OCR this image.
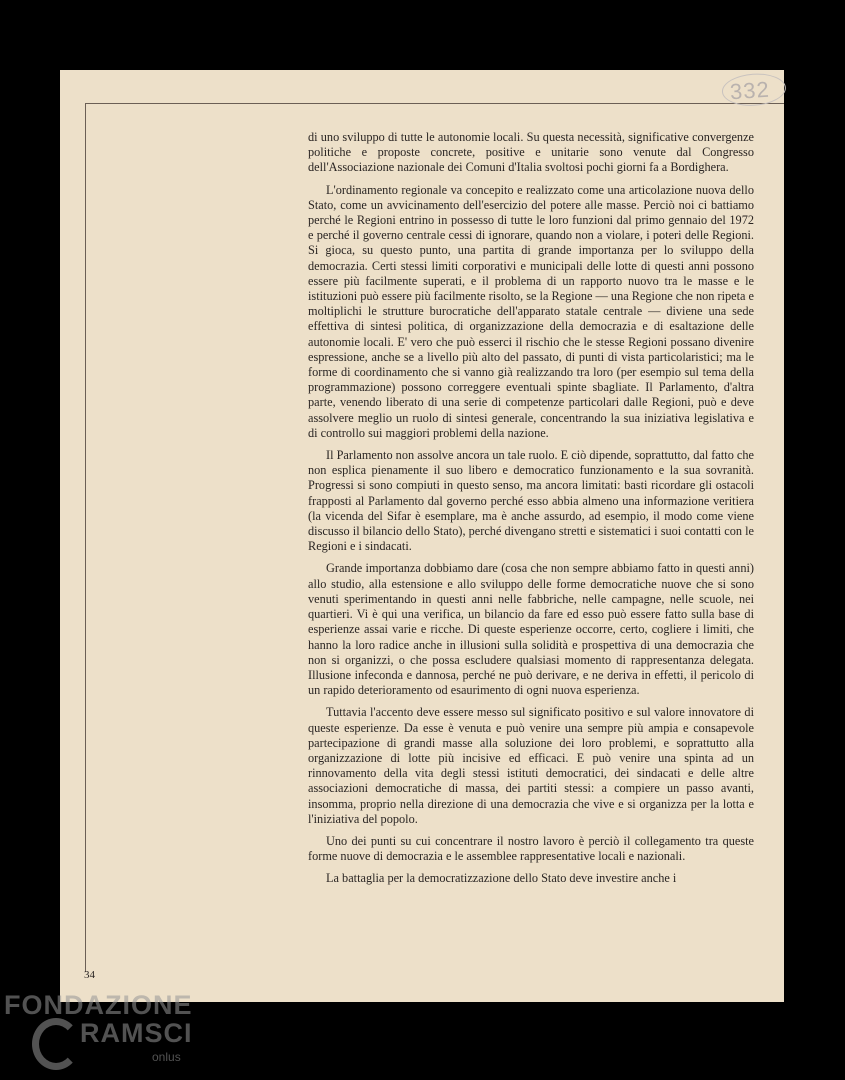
332

di uno sviluppo di tutte le autonomie locali. Su questa necessità, significative convergenze politiche e proposte concrete, positive e unitarie sono venute dal Congresso dell'Associazione nazionale dei Comuni d'Italia svoltosi pochi giorni fa a Bordighera.

L'ordinamento regionale va concepito e realizzato come una articolazione nuova dello Stato, come un avvicinamento dell'esercizio del potere alle masse. Perciò noi ci battiamo perché le Regioni entrino in possesso di tutte le loro funzioni dal primo gennaio del 1972 e perché il governo centrale cessi di ignorare, quando non a violare, i poteri delle Regioni. Si gioca, su questo punto, una partita di grande importanza per lo sviluppo della democrazia. Certi stessi limiti corporativi e municipali delle lotte di questi anni possono essere più facilmente superati, e il problema di un rapporto nuovo tra le masse e le istituzioni può essere più facilmente risolto, se la Regione — una Regione che non ripeta e moltiplichi le strutture burocratiche dell'apparato statale centrale — diviene una sede effettiva di sintesi politica, di organizzazione della democrazia e di esaltazione delle autonomie locali. E' vero che può esserci il rischio che le stesse Regioni possano divenire espressione, anche se a livello più alto del passato, di punti di vista particolaristici; ma le forme di coordinamento che si vanno già realizzando tra loro (per esempio sul tema della programmazione) possono correggere eventuali spinte sbagliate. Il Parlamento, d'altra parte, venendo liberato di una serie di competenze particolari dalle Regioni, può e deve assolvere meglio un ruolo di sintesi generale, concentrando la sua iniziativa legislativa e di controllo sui maggiori problemi della nazione.

Il Parlamento non assolve ancora un tale ruolo. E ciò dipende, soprattutto, dal fatto che non esplica pienamente il suo libero e democratico funzionamento e la sua sovranità. Progressi si sono compiuti in questo senso, ma ancora limitati: basti ricordare gli ostacoli frapposti al Parlamento dal governo perché esso abbia almeno una informazione veritiera (la vicenda del Sifar è esemplare, ma è anche assurdo, ad esempio, il modo come viene discusso il bilancio dello Stato), perché divengano stretti e sistematici i suoi contatti con le Regioni e i sindacati.

Grande importanza dobbiamo dare (cosa che non sempre abbiamo fatto in questi anni) allo studio, alla estensione e allo sviluppo delle forme democratiche nuove che si sono venuti sperimentando in questi anni nelle fabbriche, nelle campagne, nelle scuole, nei quartieri. Vi è qui una verifica, un bilancio da fare ed esso può essere fatto sulla base di esperienze assai varie e ricche. Di queste esperienze occorre, certo, cogliere i limiti, che hanno la loro radice anche in illusioni sulla solidità e prospettiva di una democrazia che non si organizzi, o che possa escludere qualsiasi momento di rappresentanza delegata. Illusione infeconda e dannosa, perché ne può derivare, e ne deriva in effetti, il pericolo di un rapido deterioramento od esaurimento di ogni nuova esperienza.

Tuttavia l'accento deve essere messo sul significato positivo e sul valore innovatore di queste esperienze. Da esse è venuta e può venire una sempre più ampia e consapevole partecipazione di grandi masse alla soluzione dei loro problemi, e soprattutto alla organizzazione di lotte più incisive ed efficaci. E può venire una spinta ad un rinnovamento della vita degli stessi istituti democratici, dei sindacati e delle altre associazioni democratiche di massa, dei partiti stessi: a compiere un passo avanti, insomma, proprio nella direzione di una democrazia che vive e si organizza per la lotta e l'iniziativa del popolo.

Uno dei punti su cui concentrare il nostro lavoro è perciò il collegamento tra queste forme nuove di democrazia e le assemblee rappresentative locali e nazionali.

La battaglia per la democratizzazione dello Stato deve investire anche i

34
FONDAZIONE
RAMSCI
onlus
